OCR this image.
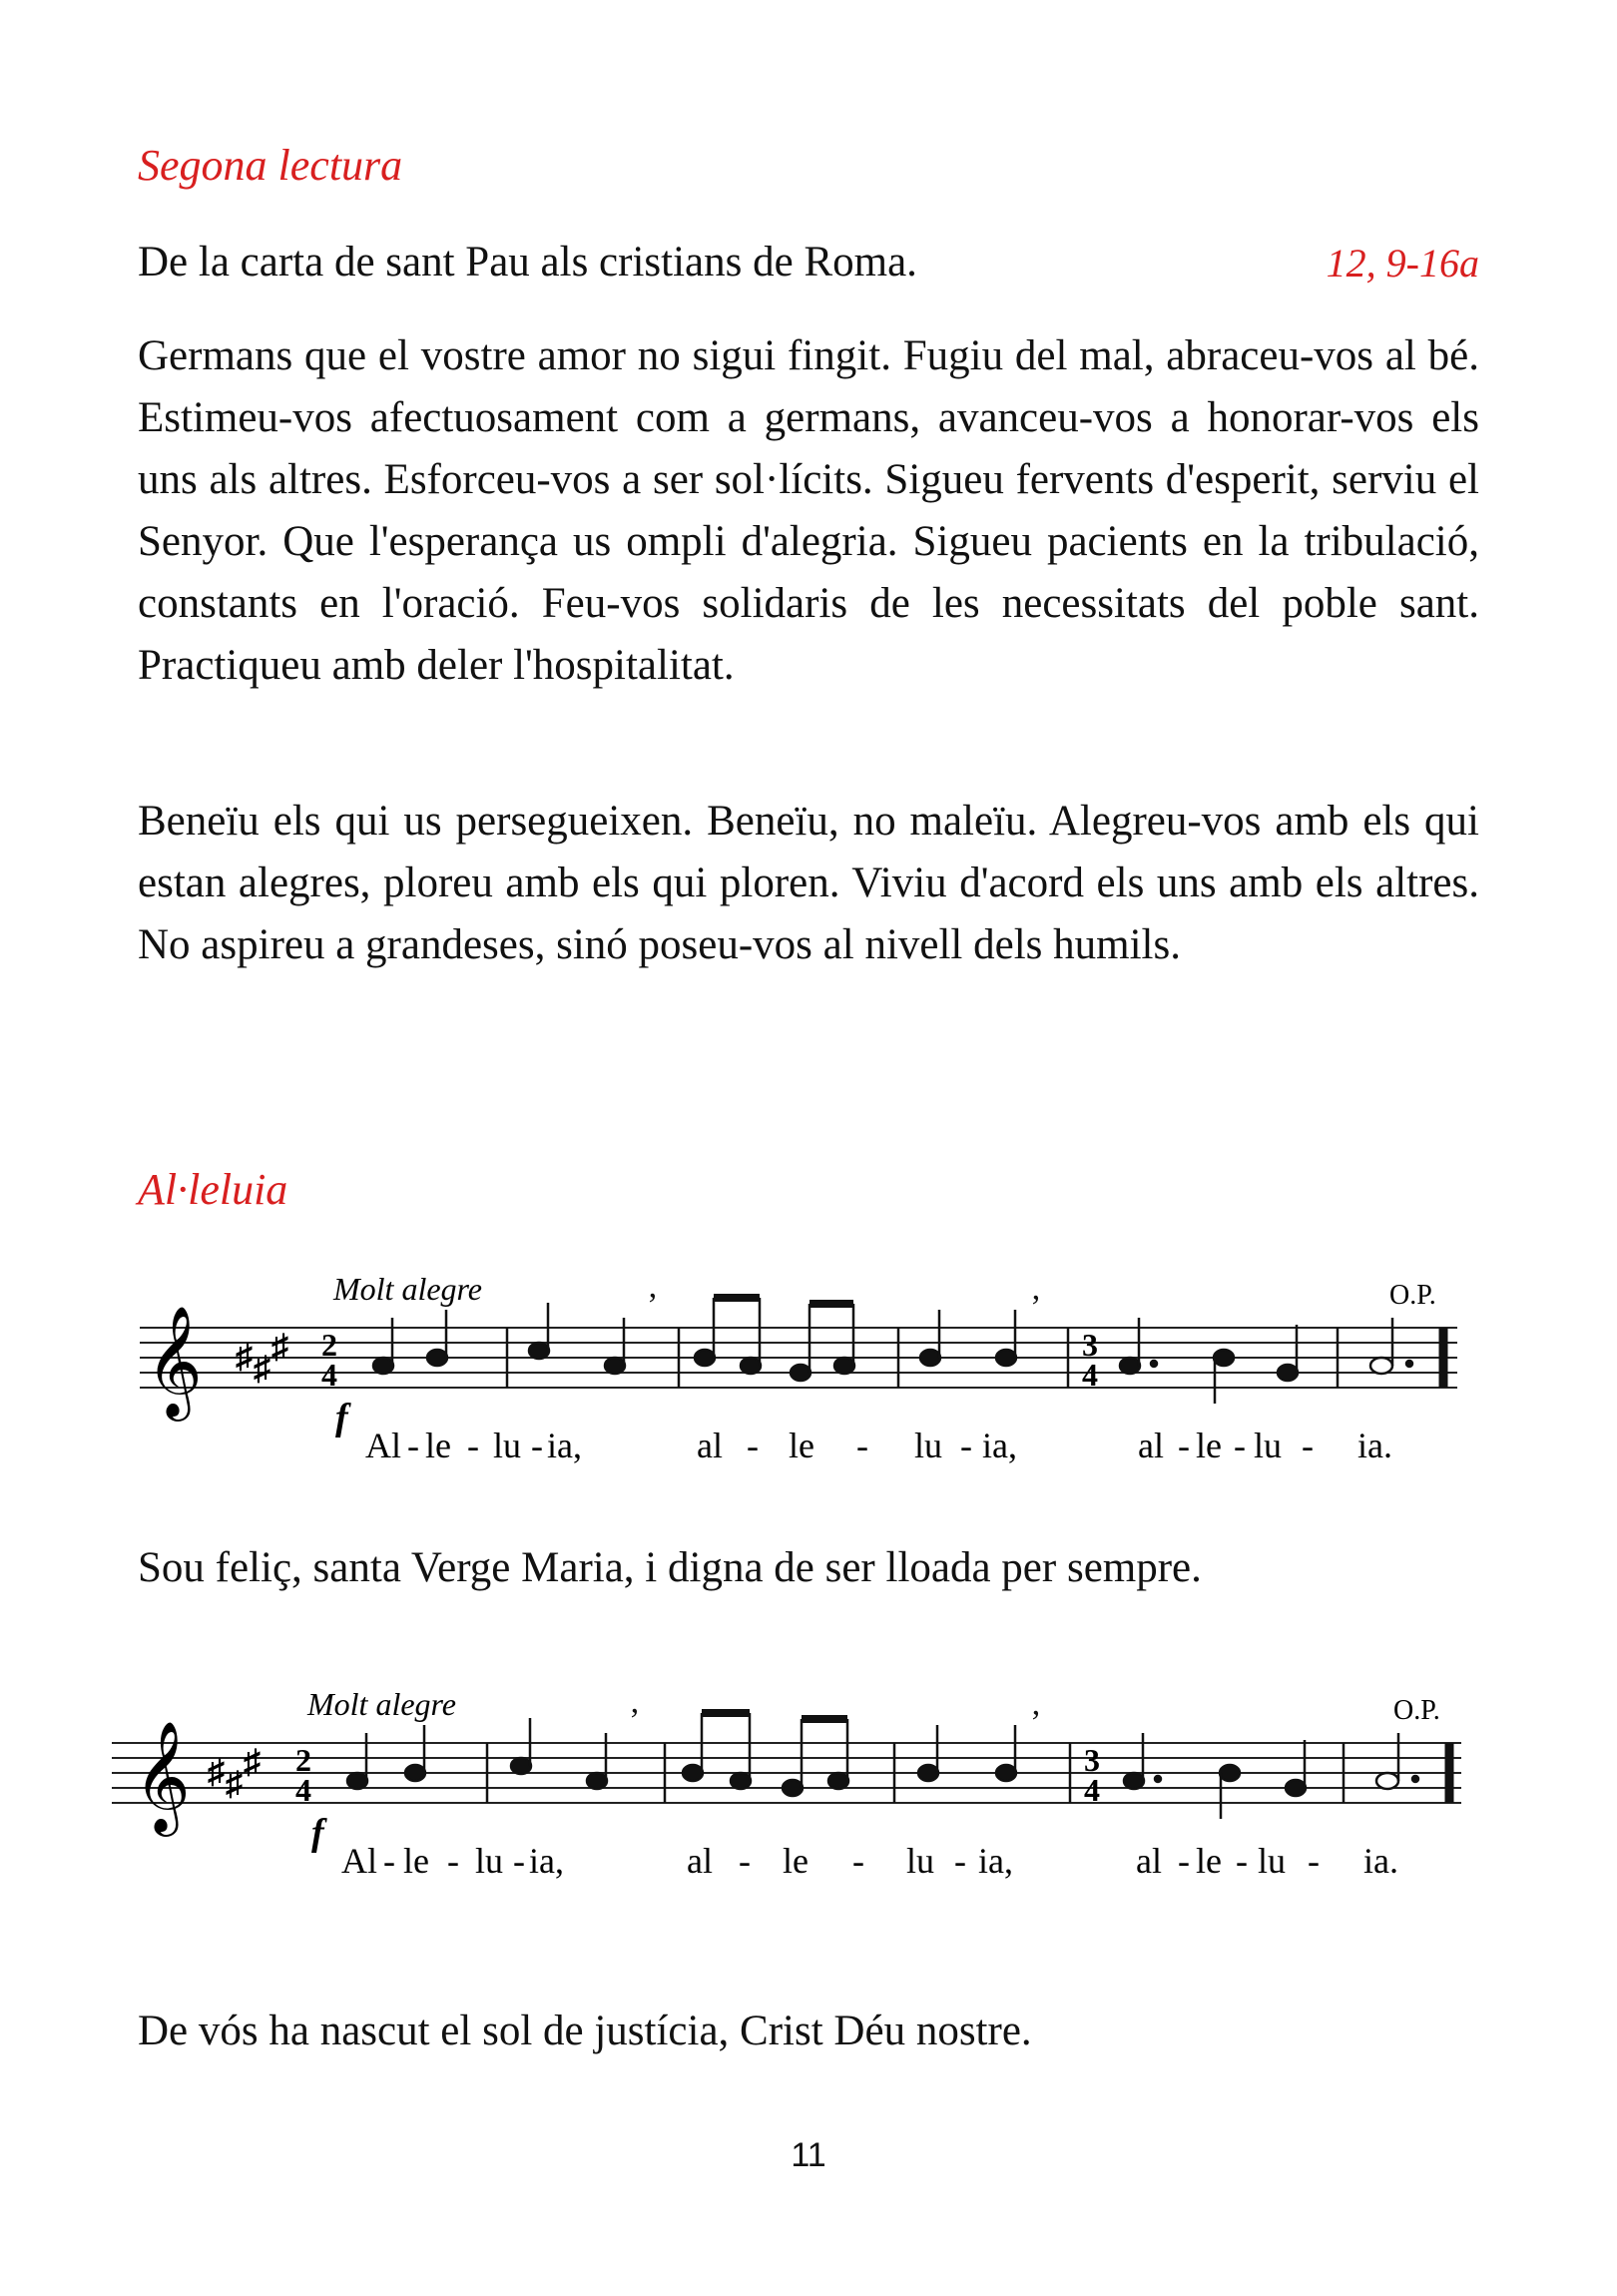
Segona lectura
De la carta de sant Pau als cristians de Roma.	12, 9-16a

Germans que el vostre amor no sigui fingit. Fugiu del mal, abraceu-vos al bé. Estimeu-vos afectuosament com a germans, avanceu-vos a honorar-vos els uns als altres. Esforceu-vos a ser sol·lícits. Sigueu fervents d'esperit, serviu el Senyor. Que l'esperança us ompli d'alegria. Sigueu pacients en la tribulació, constants en l'oració. Feu-vos solidaris de les necessitats del poble sant. Practiqueu amb deler l'hospitalitat.

Beneïu els qui us persegueixen. Beneïu, no maleïu. Alegreu-vos amb els qui estan alegres, ploreu amb els qui ploren. Viviu d'acord els uns amb els altres. No aspireu a grandeses, sinó poseu-vos al nivell dels humils.

Al·leluia
𝄞 ♯ ♯
♯ 2
4
Molt alegre	O.P.
f
’	’
3
4
Al - le - lu - ia,	al - le - lu - ia,	al - le - lu - ia.
Sou feliç, santa Verge Maria, i digna de ser lloada per sempre.
𝄞 ♯ ♯
♯ 2
4
Molt alegre	O.P.
f
’	’
3
4
Al - le - lu - ia,	al - le - lu - ia,	al - le - lu - ia.
De vós ha nascut el sol de justícia, Crist Déu nostre.
11
